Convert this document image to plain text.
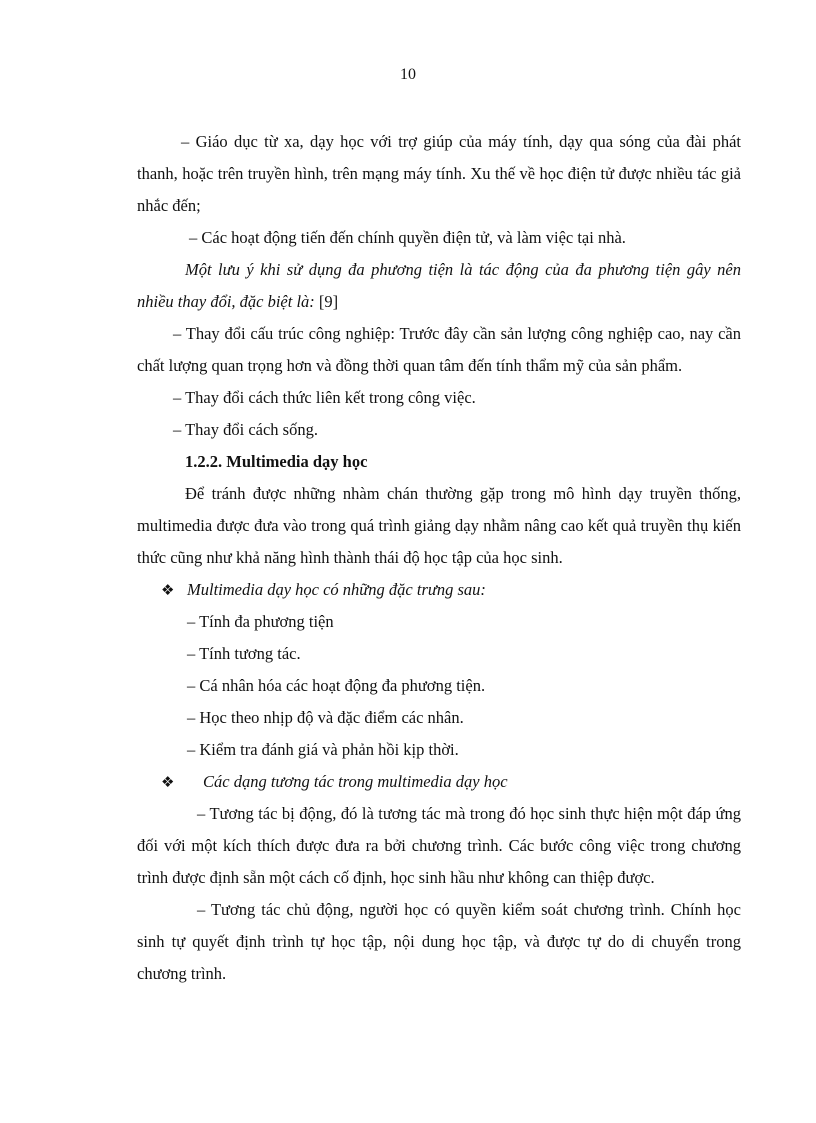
10

– Giáo dục từ xa, dạy học với trợ giúp của máy tính, dạy qua sóng của đài phát thanh, hoặc trên truyền hình, trên mạng máy tính. Xu thế về học điện tử được nhiều tác giả nhắc đến;

– Các hoạt động tiến đến chính quyền điện tử, và làm việc tại nhà.

Một lưu ý khi sử dụng đa phương tiện là tác động của đa phương tiện gây nên nhiều thay đổi, đặc biệt là: [9]

– Thay đổi cấu trúc công nghiệp: Trước đây cần sản lượng công nghiệp cao, nay cần chất lượng quan trọng hơn và đồng thời quan tâm đến tính thẩm mỹ của sản phẩm.

– Thay đổi cách thức liên kết trong công việc.

– Thay đổi cách sống.

1.2.2. Multimedia dạy học

Để tránh được những nhàm chán thường gặp trong mô hình dạy truyền thống, multimedia được đưa vào trong quá trình giảng dạy nhằm nâng cao kết quả truyền thụ kiến thức cũng như khả năng hình thành thái độ học tập của học sinh.

❖ Multimedia dạy học có những đặc trưng sau:

– Tính đa phương tiện

– Tính tương tác.

– Cá nhân hóa các hoạt động đa phương tiện.

– Học theo nhịp độ và đặc điểm các nhân.

– Kiểm tra đánh giá và phản hồi kịp thời.

❖ Các dạng tương tác trong multimedia dạy học

– Tương tác bị động, đó là tương tác mà trong đó học sinh thực hiện một đáp ứng đối với một kích thích được đưa ra bởi chương trình. Các bước công việc trong chương trình được định sẵn một cách cố định, học sinh hầu như không can thiệp được.

– Tương tác chủ động, người học có quyền kiểm soát chương trình. Chính học sinh tự quyết định trình tự học tập, nội dung học tập, và được tự do di chuyển trong chương trình.
